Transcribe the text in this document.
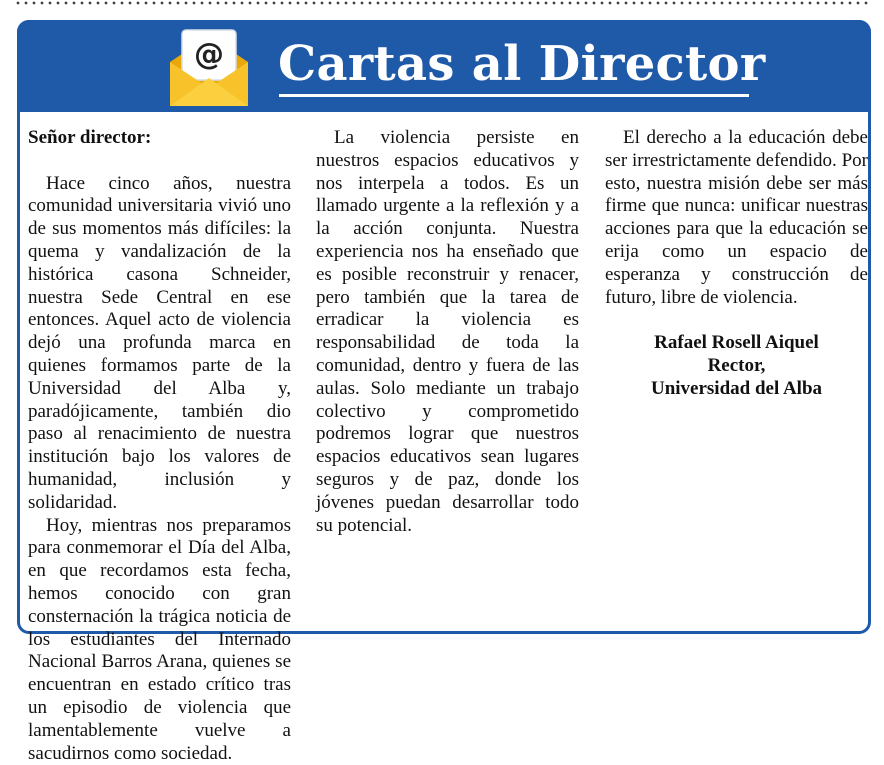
@ Cartas al Director

Señor director:

Hace cinco años, nuestra comunidad universitaria vivió uno de sus momentos más difíciles: la quema y vandalización de la histórica casona Schneider, nuestra Sede Central en ese entonces. Aquel acto de violencia dejó una profunda marca en quienes formamos parte de la Universidad del Alba y, paradójicamente, también dio paso al renacimiento de nuestra institución bajo los valores de humanidad, inclusión y solidaridad.

Hoy, mientras nos preparamos para conmemorar el Día del Alba, en que recordamos esta fecha, hemos conocido con gran consternación la trágica noticia de los estudiantes del Internado Nacional Barros Arana, quienes se encuentran en estado crítico tras un episodio de violencia que lamentablemente vuelve a sacudirnos como sociedad.

La violencia persiste en nuestros espacios educativos y nos interpela a todos. Es un llamado urgente a la reflexión y a la acción conjunta. Nuestra experiencia nos ha enseñado que es posible reconstruir y renacer, pero también que la tarea de erradicar la violencia es responsabilidad de toda la comunidad, dentro y fuera de las aulas. Solo mediante un trabajo colectivo y comprometido podremos lograr que nuestros espacios educativos sean lugares seguros y de paz, donde los jóvenes puedan desarrollar todo su potencial.

El derecho a la educación debe ser irrestrictamente defendido. Por esto, nuestra misión debe ser más firme que nunca: unificar nuestras acciones para que la educación se erija como un espacio de esperanza y construcción de futuro, libre de violencia.

Rafael Rosell Aiquel

Rector,

Universidad del Alba
